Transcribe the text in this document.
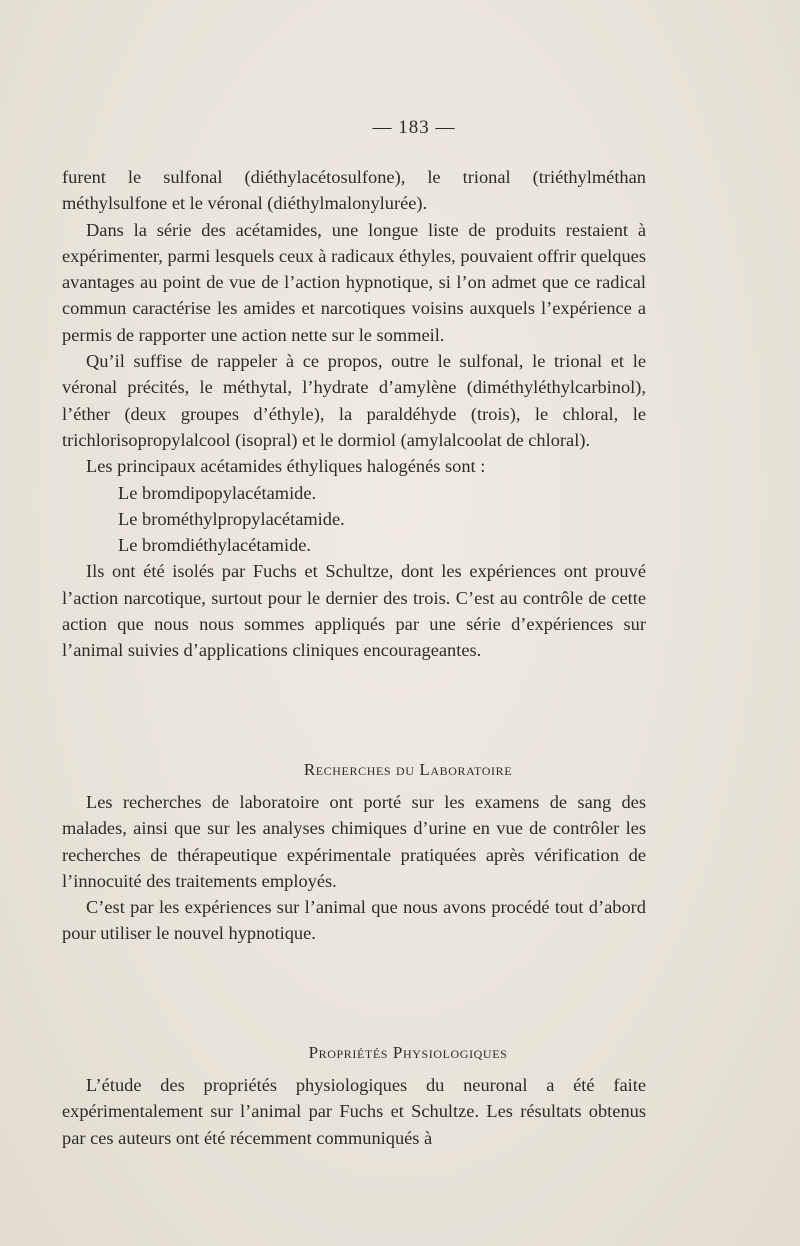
— 183 —

furent le sulfonal (diéthylacétosulfone), le trional (triéthylméthan méthylsulfone et le véronal (diéthylmalonylurée).

Dans la série des acétamides, une longue liste de produits restaient à expérimenter, parmi lesquels ceux à radicaux éthyles, pouvaient offrir quelques avantages au point de vue de l’action hypnotique, si l’on admet que ce radical commun caractérise les amides et narcotiques voisins auxquels l’expérience a permis de rapporter une action nette sur le sommeil.

Qu’il suffise de rappeler à ce propos, outre le sulfonal, le trional et le véronal précités, le méthytal, l’hydrate d’amylène (diméthyléthylcarbinol), l’éther (deux groupes d’éthyle), la paraldéhyde (trois), le chloral, le trichlorisopropylalcool (isopral) et le dormiol (amylalcoolat de chloral).

Les principaux acétamides éthyliques halogénés sont :

Le bromdipopylacétamide.

Le brométhylpropylacétamide.

Le bromdiéthylacétamide.

Ils ont été isolés par Fuchs et Schultze, dont les expériences ont prouvé l’action narcotique, surtout pour le dernier des trois. C’est au contrôle de cette action que nous nous sommes appliqués par une série d’expériences sur l’animal suivies d’applications cliniques encourageantes.

Recherches du Laboratoire

Les recherches de laboratoire ont porté sur les examens de sang des malades, ainsi que sur les analyses chimiques d’urine en vue de contrôler les recherches de thérapeutique expérimentale pratiquées après vérification de l’innocuité des traitements employés.

C’est par les expériences sur l’animal que nous avons procédé tout d’abord pour utiliser le nouvel hypnotique.

Propriétés Physiologiques

L’étude des propriétés physiologiques du neuronal a été faite expérimentalement sur l’animal par Fuchs et Schultze. Les résultats obtenus par ces auteurs ont été récemment communiqués à
